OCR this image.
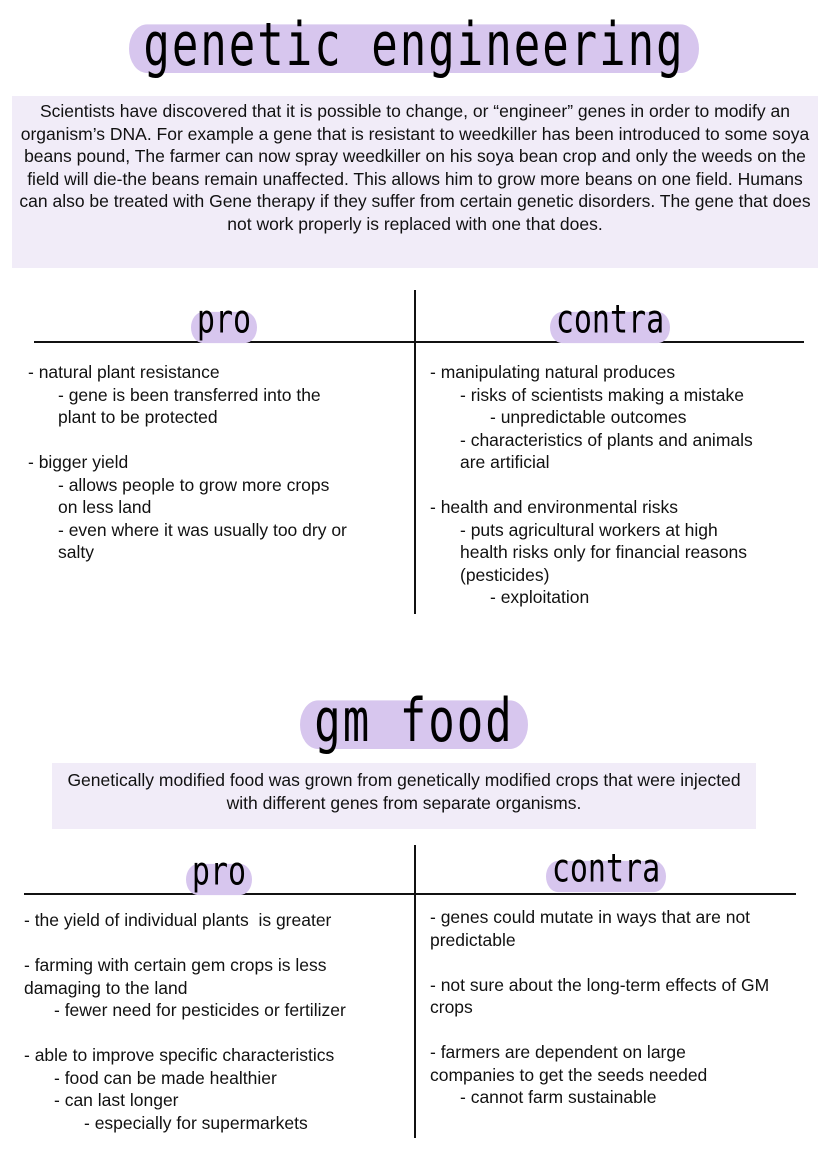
genetic engineering
Scientists have discovered that it is possible to change, or “engineer” genes in order to modify an organism’s DNA. For example a gene that is resistant to weedkiller has been introduced to some soya beans pound, The farmer can now spray weedkiller on his soya bean crop and only the weeds on the field will die-the beans remain unaffected. This allows him to grow more beans on one field. Humans can also be treated with Gene therapy if they suffer from certain genetic disorders. The gene that does not work properly is replaced with one that does.
pro	contra

- natural plant resistance

- gene is been transferred into the

plant to be protected

- bigger yield

- allows people to grow more crops

on less land

- even where it was usually too dry or

salty

- manipulating natural produces

- risks of scientists making a mistake

- unpredictable outcomes

- characteristics of plants and animals

are artificial

- health and environmental risks

- puts agricultural workers at high

health risks only for financial reasons

(pesticides)

- exploitation

gm food
Genetically modified food was grown from genetically modified crops that were injected with different genes from separate organisms.
pro	contra

- the yield of individual plants  is greater

- farming with certain gem crops is less

damaging to the land

- fewer need for pesticides or fertilizer

- able to improve specific characteristics

- food can be made healthier

- can last longer

- especially for supermarkets

- genes could mutate in ways that are not

predictable

- not sure about the long-term effects of GM

crops

- farmers are dependent on large

companies to get the seeds needed

- cannot farm sustainable
